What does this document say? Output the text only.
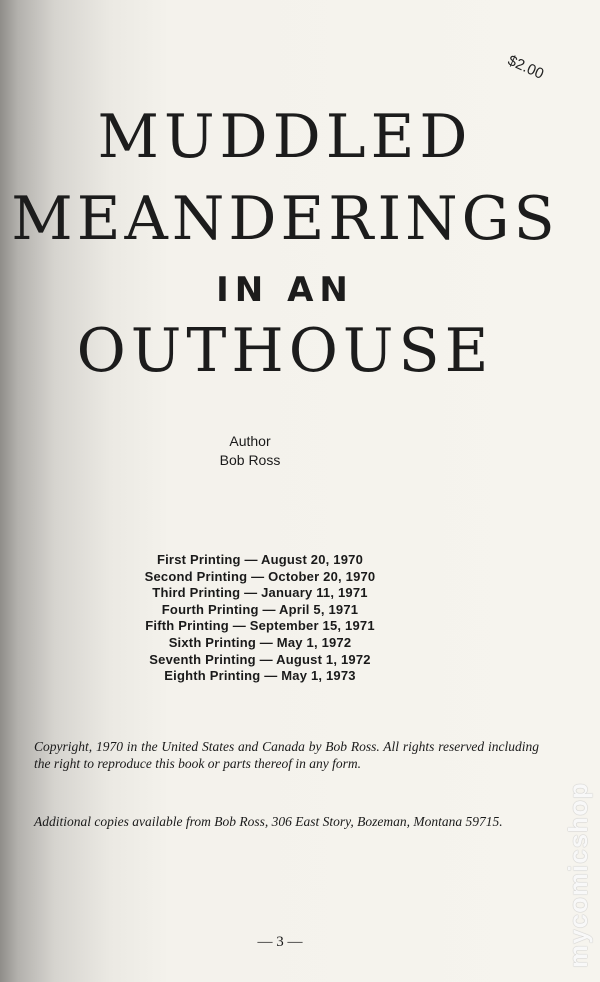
$2.00
MUDDLED
MEANDERINGS
IN AN
OUTHOUSE
Author
Bob Ross
First Printing — August 20, 1970
Second Printing — October 20, 1970
Third Printing — January 11, 1971
Fourth Printing — April 5, 1971
Fifth Printing — September 15, 1971
Sixth Printing — May 1, 1972
Seventh Printing — August 1, 1972
Eighth Printing — May 1, 1973
Copyright, 1970 in the United States and Canada by Bob Ross. All rights reserved including the right to reproduce this book or parts thereof in any form.
Additional copies available from Bob Ross, 306 East Story, Bozeman, Montana 59715.
— 3 —	mycomicshop
